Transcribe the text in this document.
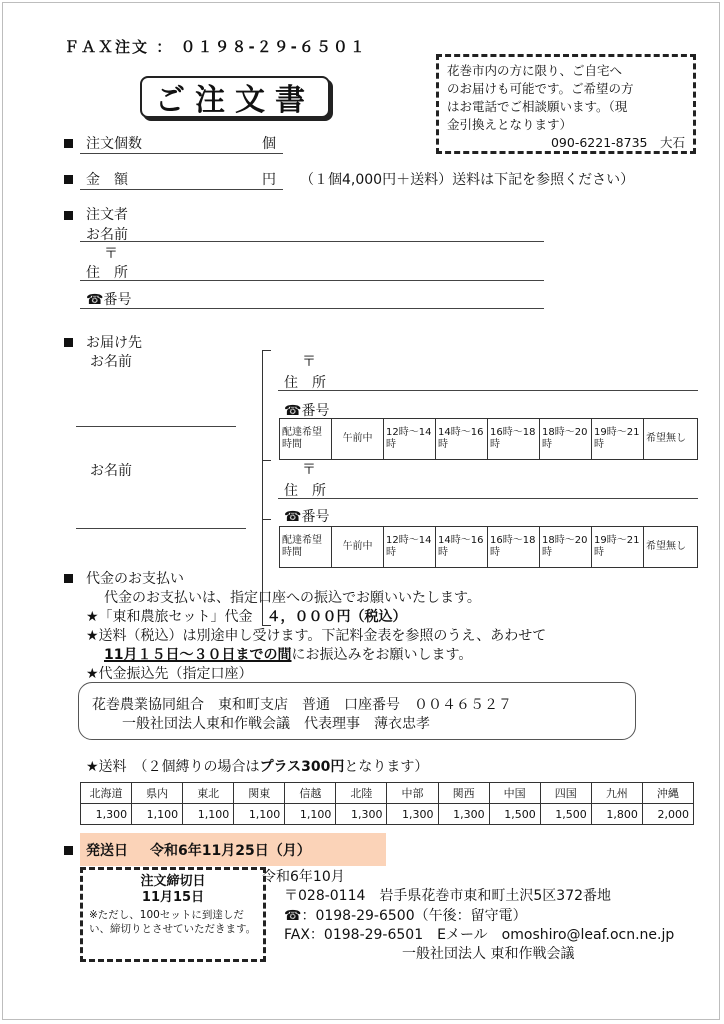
ＦＡＸ注文 ： ０１９８-２９-６５０１
ご注文書
花巻市内の方に限り、ご自宅へ
のお届けも可能です。ご希望の方
はお電話でご相談願います。（現
金引換えとなります）
090-6221-8735　大石
注文個数	個
金　額	円 （１個4,000円＋送料）送料は下記を参照ください）
注文者
お名前
〒
住　所
☎番号
お届け先
お名前	〒
住　所
☎番号
配達希望時間	午前中	12時～14時	14時～16時	16時～18時	18時～20時	19時～21時	希望無し
お名前	〒
住　所
☎番号
配達希望時間	午前中	12時～14時	14時～16時	16時～18時	18時～20時	19時～21時	希望無し
代金のお支払い
代金のお支払いは、指定口座への振込でお願いいたします。
★「東和農旅セット」代金　４，０００円（税込）
★送料（税込）は別途申し受けます。下記料金表を参照のうえ、あわせて
11月１５日～３０日までの間にお振込みをお願いします。
★代金振込先（指定口座）
花巻農業協同組合　東和町支店　普通　口座番号　００４６５２７
一般社団法人東和作戦会議　代表理事　薄衣忠孝
★送料　（２個縛りの場合はプラス300円となります）
北海道	県内	東北	関東	信越	北陸	中部	関西	中国	四国	九州	沖縄
1,300	1,100	1,100	1,100	1,100	1,300	1,300	1,300	1,500	1,500	1,800	2,000
発送日 令和6年11月25日（月）
注文締切日
11月15日
※ただし、100セットに到達しだい、締切りとさせていただきます。
令和6年10月
〒028-0114　岩手県花巻市東和町土沢5区372番地
☎：0198-29-6500（午後：留守電）
FAX：0198-29-6501　Eメール　omoshiro@leaf.ocn.ne.jp
一般社団法人 東和作戦会議
